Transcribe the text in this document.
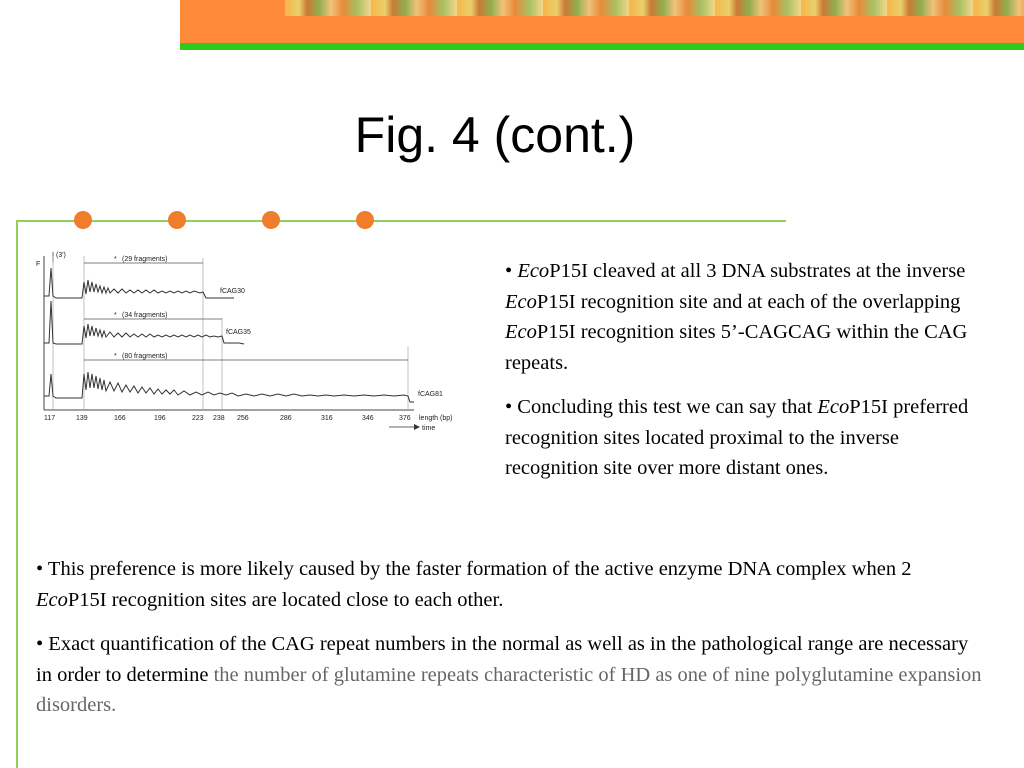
Fig. 4 (cont.)
F
(3')
* (29 fragments)
* (34 fragments)
* (80 fragments)
fCAG30
fCAG35
fCAG81
117	139	166	196	223 238 256	286	316	346	376 length (bp)
time

• EcoP15I cleaved at all 3 DNA substrates at the inverse EcoP15I recognition site and at each of the overlapping EcoP15I recognition sites 5’-CAGCAG within the CAG repeats.

• Concluding this test we can say that EcoP15I preferred recognition sites located proximal to the inverse recognition site over more distant ones.

• This preference is more likely caused by the faster formation of the active enzyme DNA complex when 2 EcoP15I recognition sites are located close to each other.

• Exact quantification of the CAG repeat numbers in the normal as well as in the pathological range are necessary in order to determine the number of glutamine repeats characteristic of HD as one of nine polyglutamine expansion disorders.
